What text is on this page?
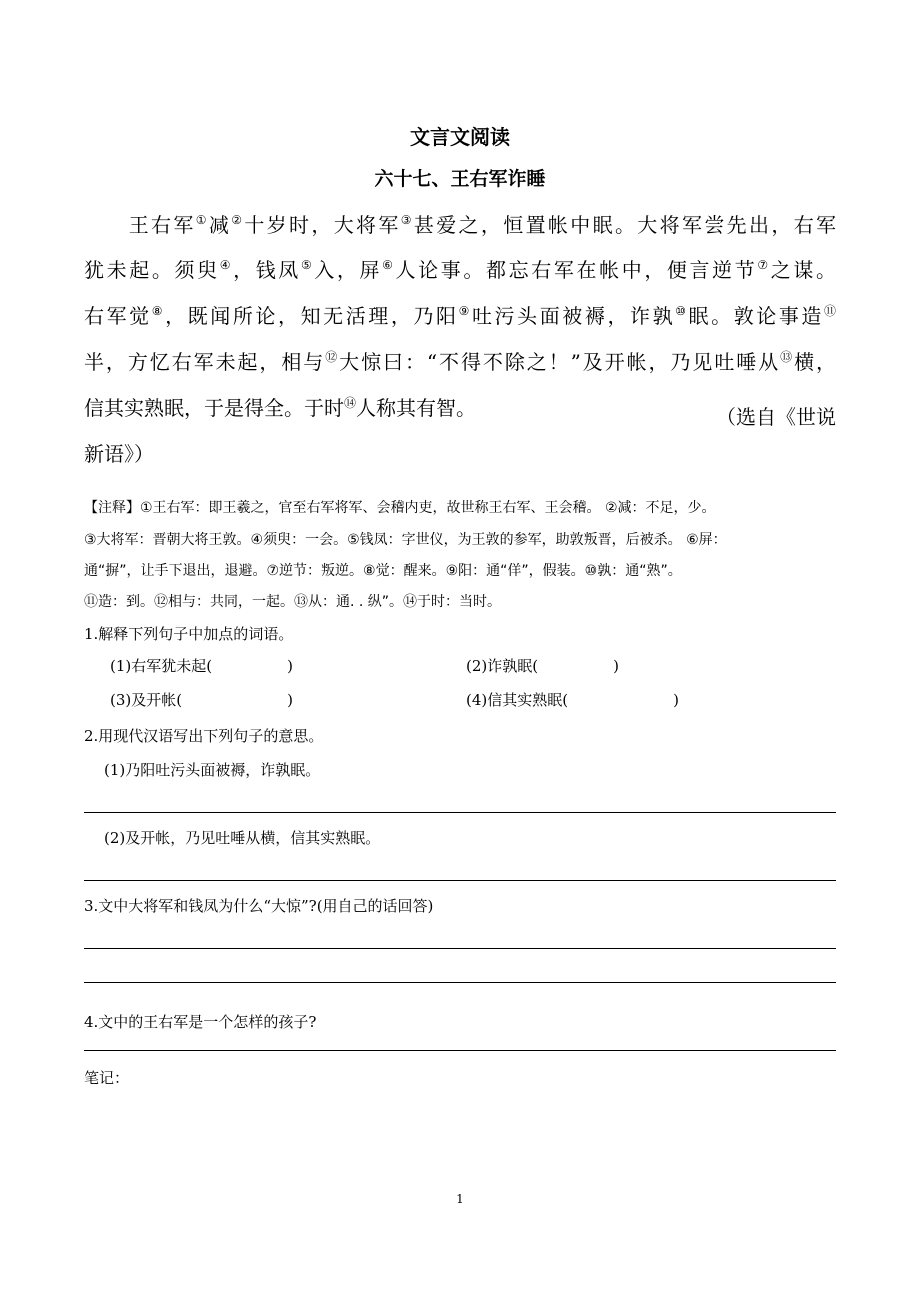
文言文阅读
六十七、王右军诈睡
　　王右军①减②十岁时，大将军③甚爱之，恒置帐中眠。大将军尝先出，右军
犹未起。须臾④，钱凤⑤入，屏⑥人论事。都忘右军在帐中，便言逆节⑦之谋。
右军觉⑧，既闻所论，知无活理，乃阳⑨吐污头面被褥，诈孰⑩眠。敦论事造⑪
半，方忆右军未起，相与⑫大惊曰：“不得不除之！”及开帐，乃见吐唾从⑬横，
信其实熟眠，于是得全。于时⑭人称其有智。
新语》）
（选自《世说
【注释】①王右军：即王羲之，官至右军将军、会稽内吏，故世称王右军、王会稽。 ②减：不足，少。
③大将军：晋朝大将王敦。④须臾：一会。⑤钱凤：字世仪，为王敦的参军，助敦叛晋，后被杀。 ⑥屏：
通“摒”，让手下退出，退避。⑦逆节：叛逆。⑧觉：醒来。⑨阳：通“佯”，假装。⑩孰：通“熟”。
⑪造：到。⑫相与：共同，一起。⑬从：通. . 纵”。⑭于时：当时。
1.解释下列句子中加点的词语。
(1)右军犹未起(　　　　　)	(2)诈孰眠(　　　　　)
(3)及开帐(　　　　　　　)	(4)信其实熟眠(　　　　　　　)
2.用现代汉语写出下列句子的意思。
(1)乃阳吐污头面被褥，诈孰眠。
(2)及开帐，乃见吐唾从横，信其实熟眠。
3.文中大将军和钱凤为什么“大惊”?(用自己的话回答)
4.文中的王右军是一个怎样的孩子?
笔记：
1
